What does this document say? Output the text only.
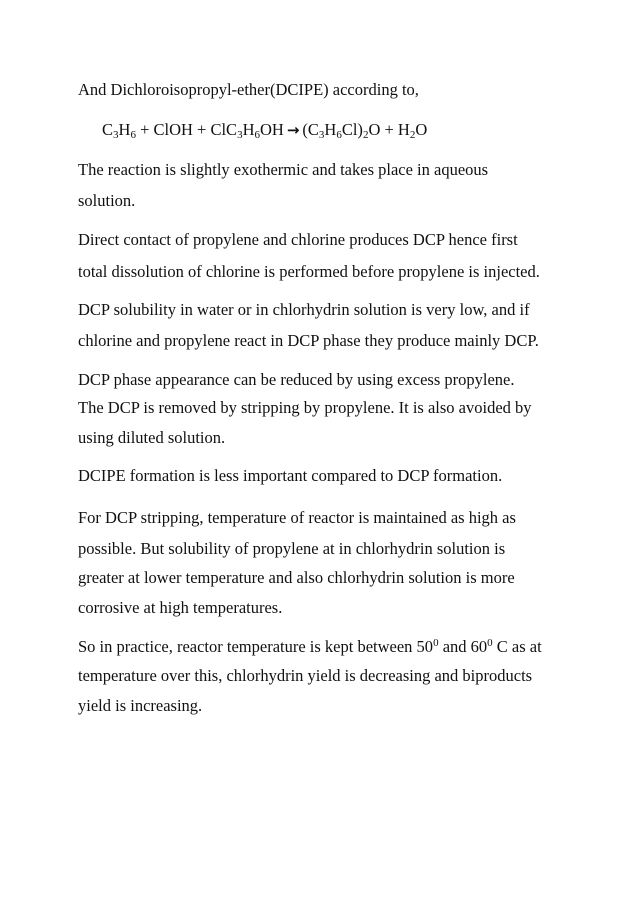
And Dichloroisopropyl-ether(DCIPE) according to,
$C_3H_6$ + ClOH + $ClC_3H_6OH \to (C_3H_6Cl)_2O + H_2O$
The reaction is slightly exothermic and takes place in aqueous
solution.
Direct contact of propylene and chlorine produces DCP hence first
total dissolution of chlorine is performed before propylene is injected.
DCP solubility in water or in chlorhydrin solution is very low, and if
chlorine and propylene react in DCP phase they produce mainly DCP.
DCP phase appearance can be reduced by using excess propylene.
The DCP is removed by stripping by propylene. It is also avoided by
using diluted solution.
DCIPE formation is less important compared to DCP formation.
For DCP stripping, temperature of reactor is maintained as high as
possible. But solubility of propylene at in chlorhydrin solution is
greater at lower temperature and also chlorhydrin solution is more
corrosive at high temperatures.
So in practice, reactor temperature is kept between $50^0$ and $60^0$ C as at
temperature over this, chlorhydrin yield is decreasing and biproducts
yield is increasing.
